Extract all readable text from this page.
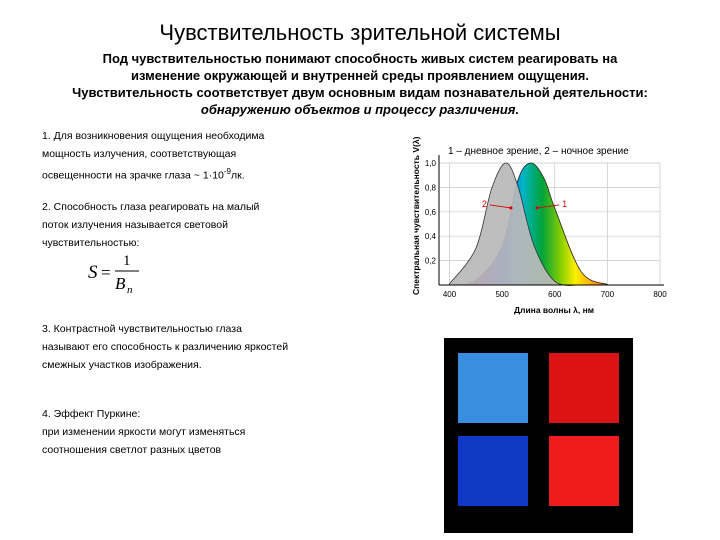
Чувствительность зрительной системы
Под чувствительностью понимают способность живых систем реагировать на
изменение окружающей и внутренней среды проявлением ощущения.
Чувствительность соответствует двум основным видам познавательной деятельности:
обнаружению объектов и процессу различения.
1. Для возникновения ощущения необходима
мощность излучения, соответствующая
освещенности на зрачке глаза ~ $1\cdot 10^{-9}лк$.
2. Способность глаза реагировать на малый
поток излучения называется световой
чувствительностью:
S =
1
B n
3. Контрастной чувствительностью глаза
называют его способность к различению яркостей
смежных участков изображения.
4. Эффект Пуркине:
при изменении яркости могут изменяться
соотношения светлот разных цветов
1 – дневное зрение, 2 – ночное зрение
Спектральная чувствительность V(λ)
Длина волны λ, нм
0,2
0,4
0,6
0,8
1,0
400	500	600	700	800
2	1
